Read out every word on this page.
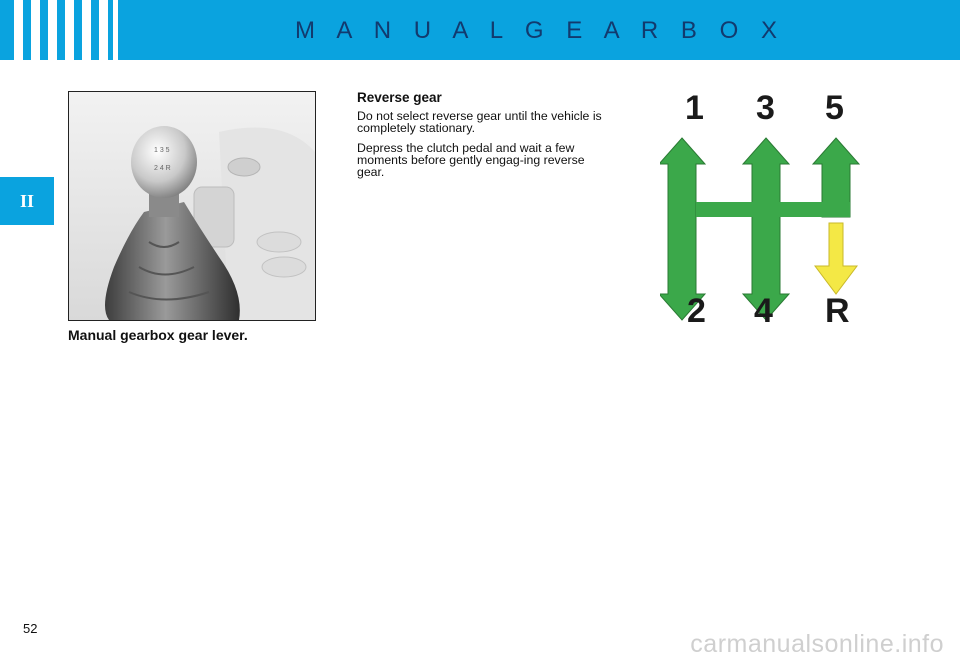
M A N U A L G E A R B O X
II
1 3 5
2 4 R
Manual gearbox gear lever.
Reverse gear
Do not select reverse gear until the vehicle is completely stationary.
Depress the clutch pedal and wait a few moments before gently engag-ing reverse gear.
1 3 5
2 4 R
52
carmanualsonline.info
